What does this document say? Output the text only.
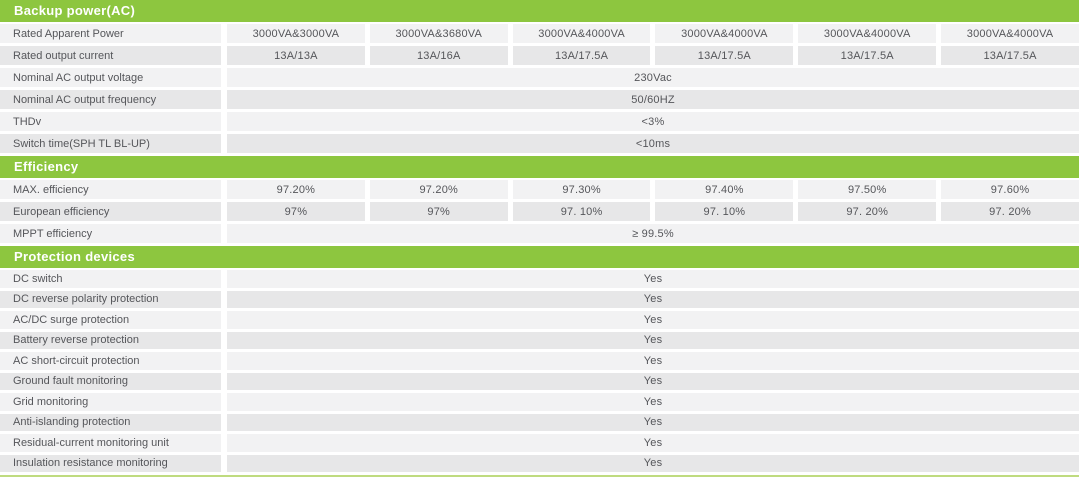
Backup power(AC)
Rated Apparent Power	3000VA&3000VA	3000VA&3680VA	3000VA&4000VA	3000VA&4000VA	3000VA&4000VA	3000VA&4000VA
Rated output current	13A/13A	13A/16A	13A/17.5A	13A/17.5A	13A/17.5A	13A/17.5A
Nominal AC output voltage	230Vac
Nominal AC output frequency	50/60HZ
THDv	<3%
Switch time(SPH TL BL-UP)	<10ms
Efficiency
MAX. efficiency	97.20%	97.20%	97.30%	97.40%	97.50%	97.60%
European efficiency	97%	97%	97. 10%	97. 10%	97. 20%	97. 20%
MPPT efficiency	≥ 99.5%
Protection devices
DC switch	Yes
DC reverse polarity protection	Yes
AC/DC surge protection	Yes
Battery reverse protection	Yes
AC short-circuit protection	Yes
Ground fault monitoring	Yes
Grid monitoring	Yes
Anti-islanding protection	Yes
Residual-current monitoring unit	Yes
Insulation resistance monitoring	Yes
